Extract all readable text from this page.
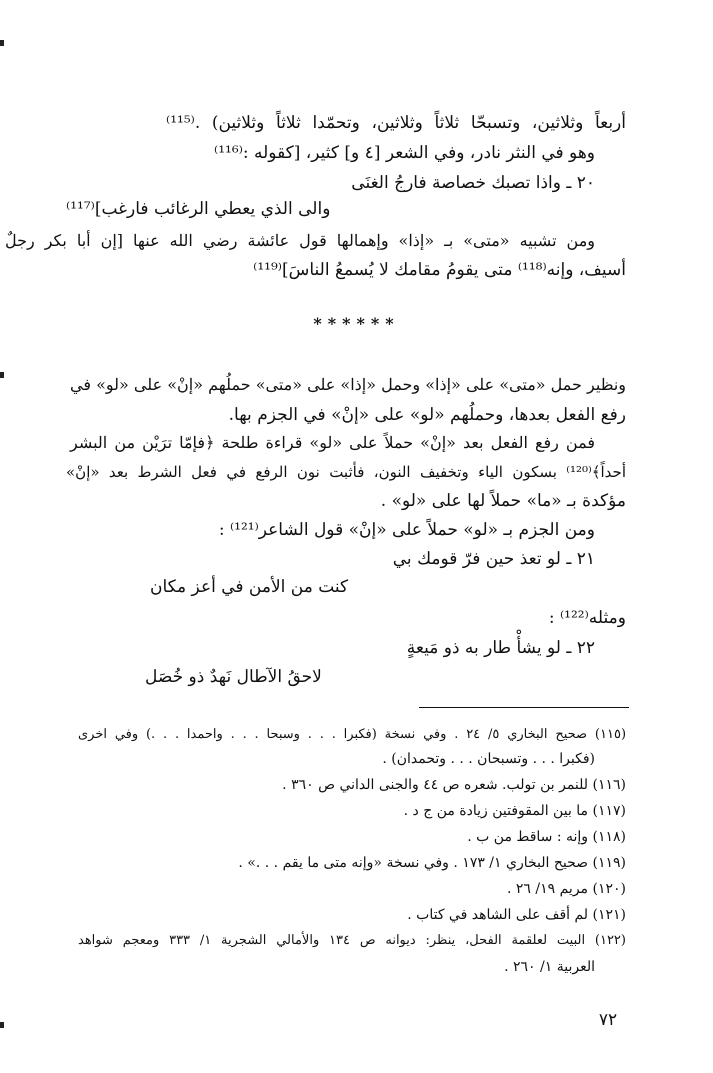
أربعاً وثلاثين، وتسبحّا ثلاثاً وثلاثين، وتحمّدا ثلاثاً وثلاثين) .⁽¹¹⁵⁾
وهو في النثر نادر، وفي الشعر [٤ و] كثير، [كقوله :⁽¹¹⁶⁾
٢٠ ـ واذا تصبك خصاصة فارجُ الغنَى
والى الذي يعطي الرغائب فارغب]⁽¹¹⁷⁾
ومن تشبيه «متى» بـ «إذا» وإهمالها قول عائشة رضي الله عنها [إن أبا بكر رجلٌ
أسيف، وإنه⁽¹¹⁸⁾ متى يقومُ مقامك لا يُسمعُ الناسَ]⁽¹¹⁹⁾
******
ونظير حمل «متى» على «إذا» وحمل «إذا» على «متى» حملُهم «إنْ» على «لو» في
رفع الفعل بعدها، وحملُهم «لو» على «إنْ» في الجزم بها.
فمن رفع الفعل بعد «إنْ» حملاً على «لو» قراءة طلحة ﴿فإمّا ترَيْن من البشر
أحداً﴾⁽¹²⁰⁾ بسكون الياء وتخفيف النون، فأثبت نون الرفع في فعل الشرط بعد «إنْ»
مؤكدة بـ «ما» حملاً لها على «لو» .
ومن الجزم بـ «لو» حملاً على «إنْ» قول الشاعر⁽¹²¹⁾ :
٢١ ـ لو تعذ حين فرّ قومك بي
كنت من الأمن في أعز مكان
ومثله⁽¹²²⁾ :
٢٢ ـ لو يشأْ طار به ذو مَيعةٍ
لاحقُ الآطال نَهدٌ ذو خُصَل
(١١٥) صحيح البخاري ٥/ ٢٤ . وفي نسخة (فكبرا . . . وسبحا . . . واحمدا . . .) وفي اخرى
(فكبرا . . . وتسبحان . . . وتحمدان) .
(١١٦) للنمر بن تولب. شعره ص ٤٤ والجنى الداني ص ٣٦٠ .
(١١٧) ما بين المقوفتين زيادة من ج د .
(١١٨) وإنه : ساقط من ب .
(١١٩) صحيح البخاري ١/ ١٧٣ . وفي نسخة «وإنه متى ما يقم . . .» .
(١٢٠) مريم ١٩/ ٢٦ .
(١٢١) لم أقف على الشاهد في كتاب .
(١٢٢) البيت لعلقمة الفحل، ينظر: ديوانه ص ١٣٤ والأمالي الشجرية ١/ ٣٣٣ ومعجم شواهد
العربية ١/ ٢٦٠ .
٧٢
